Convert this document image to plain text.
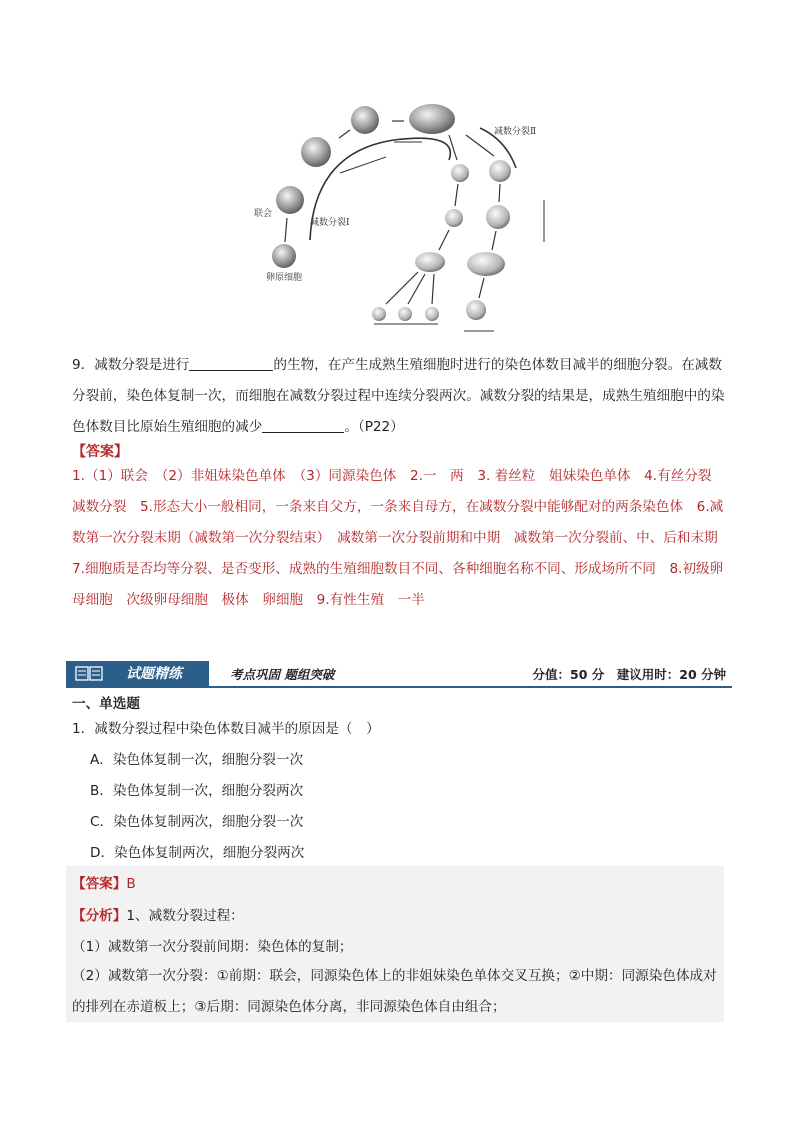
联会
减数分裂Ⅰ
减数分裂Ⅱ
卵原细胞
9．减数分裂是进行	的生物，在产生成熟生殖细胞时进行的染色体数目减半的细胞分裂。在减数分裂前，染色体复制一次，而细胞在减数分裂过程中连续分裂两次。减数分裂的结果是，成熟生殖细胞中的染色体数目比原始生殖细胞的减少	。（P22）
【答案】
1.（1）联会　（2）非姐妹染色单体　（3）同源染色体　2.一　两　3. 着丝粒　姐妹染色单体　4.有丝分裂　减数分裂　5.形态大小一般相同，一条来自父方，一条来自母方，在减数分裂中能够配对的两条染色体　6.减数第一次分裂末期（减数第一次分裂结束）　减数第一次分裂前期和中期　减数第一次分裂前、中、后和末期　　7.细胞质是否均等分裂、是否变形、成熟的生殖细胞数目不同、各种细胞名称不同、形成场所不同　8.初级卵母细胞　次级卵母细胞　极体　卵细胞　9.有性生殖　一半
试题精练	考点巩固 题组突破	分值：50 分　建议用时：20 分钟
一、单选题
1．减数分裂过程中染色体数目减半的原因是（　）
A．染色体复制一次，细胞分裂一次
B．染色体复制一次，细胞分裂两次
C．染色体复制两次，细胞分裂一次
D．染色体复制两次，细胞分裂两次
【答案】B
【分析】1、减数分裂过程：
（1）减数第一次分裂前间期：染色体的复制；
（2）减数第一次分裂：①前期：联会，同源染色体上的非姐妹染色单体交叉互换；②中期：同源染色体成对的排列在赤道板上；③后期：同源染色体分离，非同源染色体自由组合；
